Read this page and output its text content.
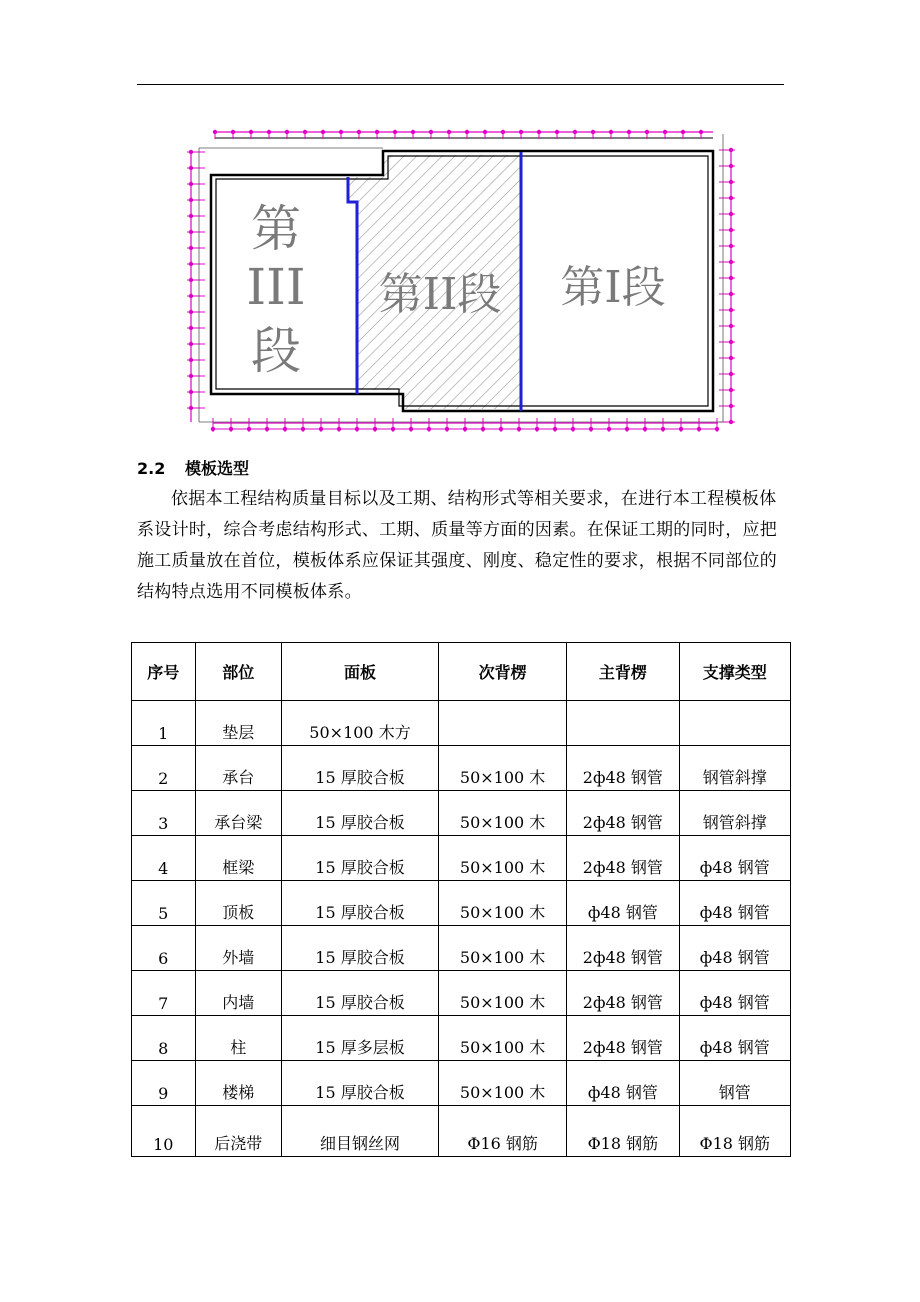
第
III
段
第II段 第I段
2.2 模板选型

依据本工程结构质量目标以及工期、结构形式等相关要求，在进行本工程模板体系设计时，综合考虑结构形式、工期、质量等方面的因素。在保证工期的同时，应把施工质量放在首位，模板体系应保证其强度、刚度、稳定性的要求，根据不同部位的结构特点选用不同模板体系。

序号	部位	面板	次背楞	主背楞	支撑类型
1	垫层	50×100 木方			
2	承台	15 厚胶合板	50×100 木	2ф48 钢管	钢管斜撑
3	承台梁	15 厚胶合板	50×100 木	2ф48 钢管	钢管斜撑
4	框梁	15 厚胶合板	50×100 木	2ф48 钢管	ф48 钢管
5	顶板	15 厚胶合板	50×100 木	ф48 钢管	ф48 钢管
6	外墙	15 厚胶合板	50×100 木	2ф48 钢管	ф48 钢管
7	内墙	15 厚胶合板	50×100 木	2ф48 钢管	ф48 钢管
8	柱	15 厚多层板	50×100 木	2ф48 钢管	ф48 钢管
9	楼梯	15 厚胶合板	50×100 木	ф48 钢管	钢管
10	后浇带	细目钢丝网	Φ16 钢筋	Φ18 钢筋	Φ18 钢筋
